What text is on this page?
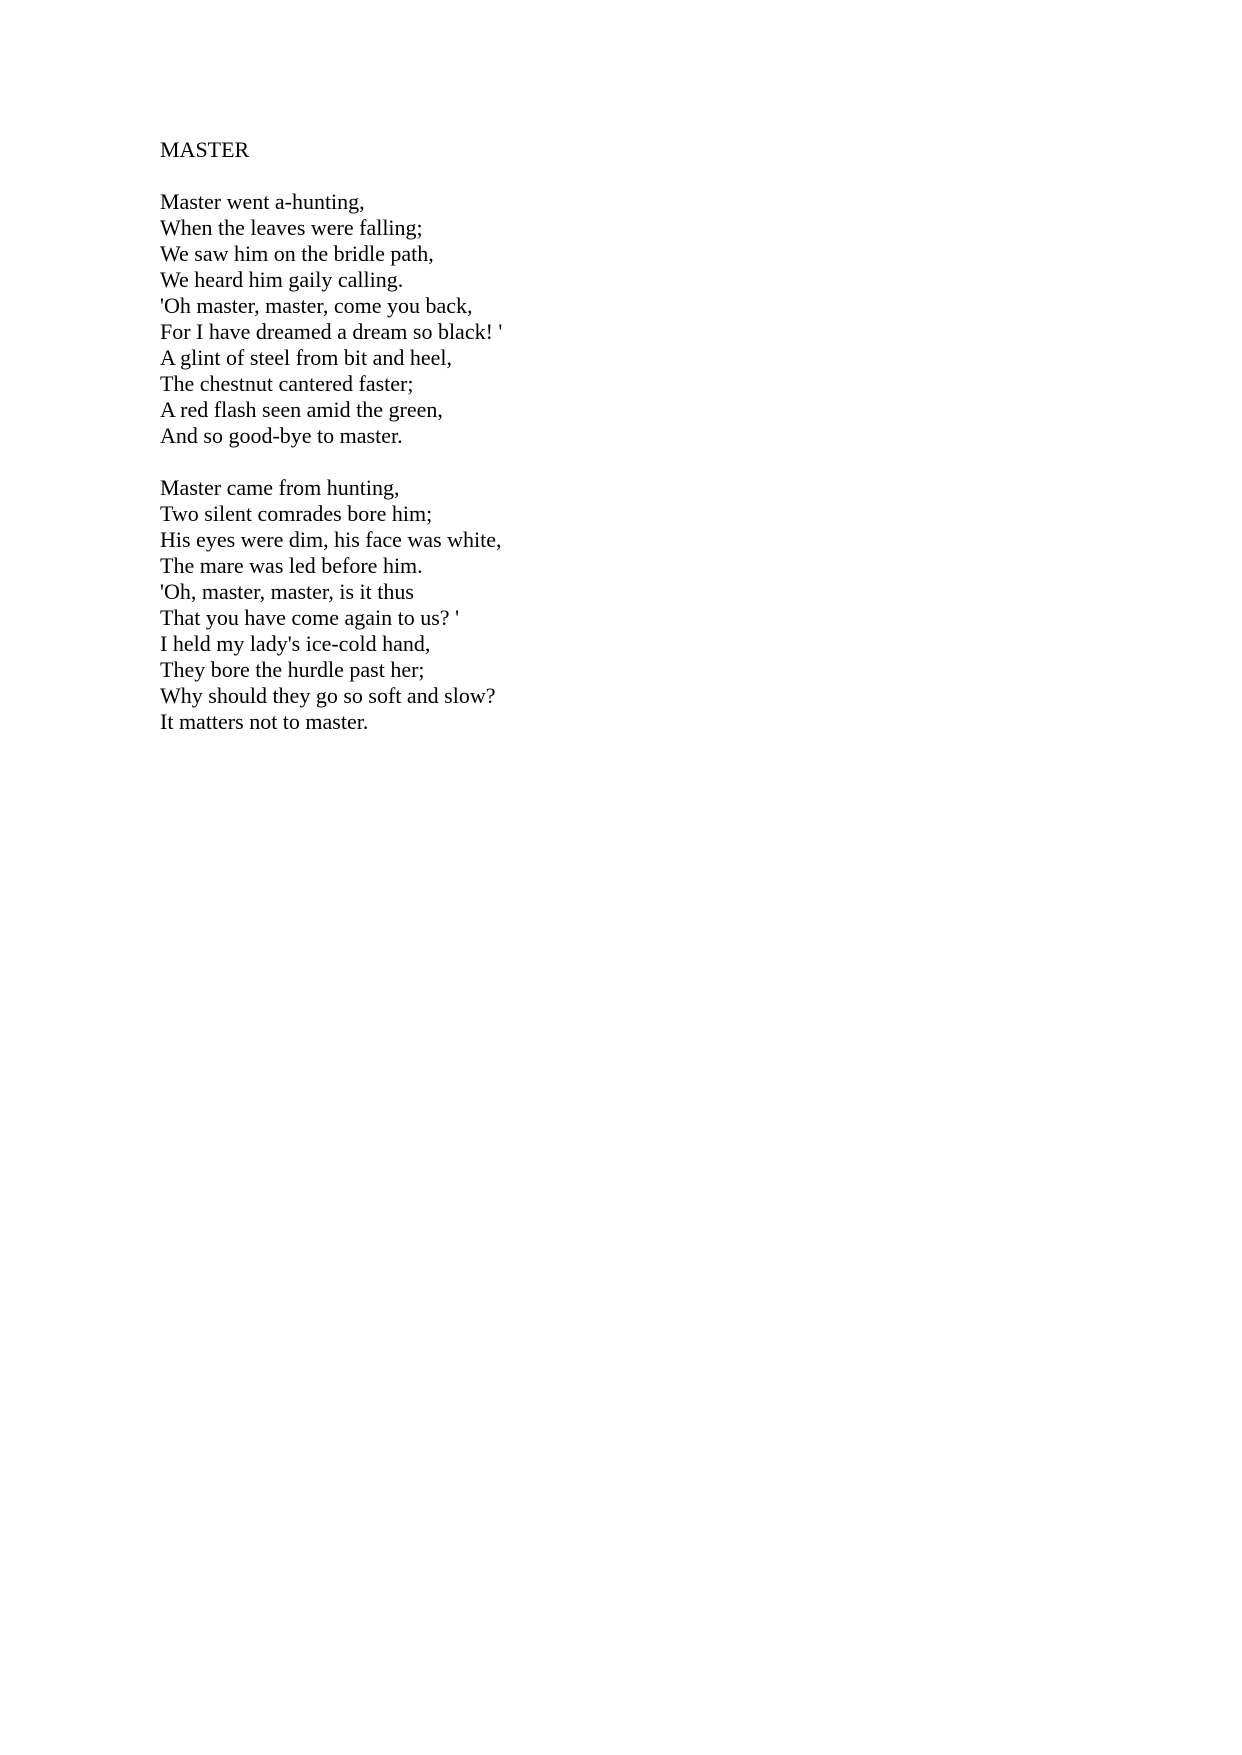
MASTER
Master went a-hunting,
When the leaves were falling;
We saw him on the bridle path,
We heard him gaily calling.
'Oh master, master, come you back,
For I have dreamed a dream so black! '
A glint of steel from bit and heel,
The chestnut cantered faster;
A red flash seen amid the green,
And so good-bye to master.
Master came from hunting,
Two silent comrades bore him;
His eyes were dim, his face was white,
The mare was led before him.
'Oh, master, master, is it thus
That you have come again to us? '
I held my lady's ice-cold hand,
They bore the hurdle past her;
Why should they go so soft and slow?
It matters not to master.
